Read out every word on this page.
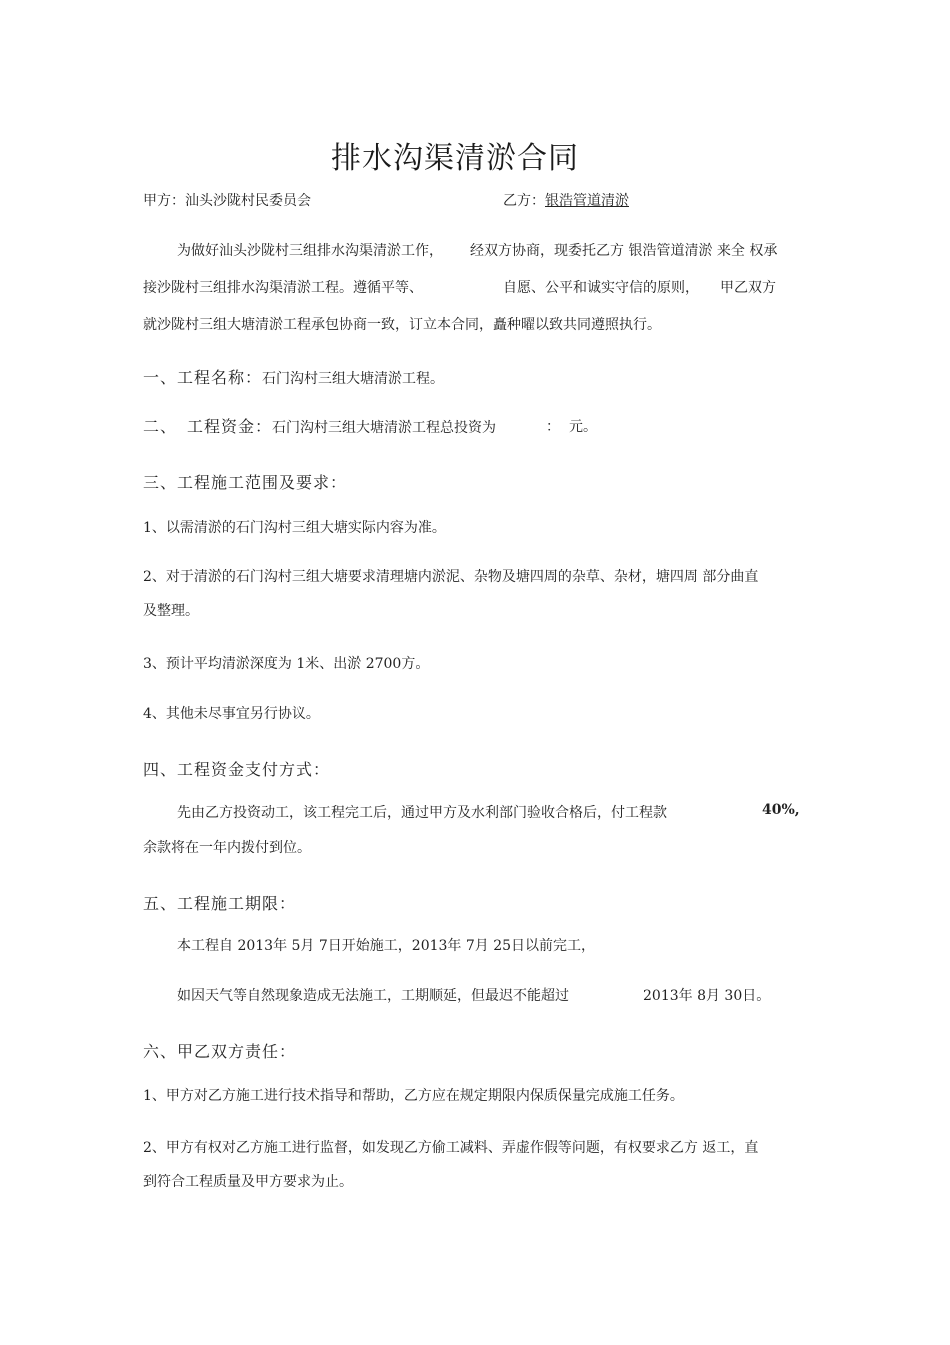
排水沟渠清淤合同
甲方：汕头沙陇村民委员会	乙方：银浩管道清淤
为做好汕头沙陇村三组排水沟渠清淤工作， 经双方协商，现委托乙方 银浩管道清淤 来全 权承
接沙陇村三组排水沟渠清淤工程。遵循平等、	自愿、公平和诚实守信的原则， 甲乙双方
就沙陇村三组大塘清淤工程承包协商一致，订立本合同，矗种曜以致共同遵照执行。
一、工程名称：石门沟村三组大塘清淤工程。
二、 工程资金：石门沟村三组大塘清淤工程总投资为	： 元。
三、工程施工范围及要求：
1、以需清淤的石门沟村三组大塘实际内容为准。
2、对于清淤的石门沟村三组大塘要求清理塘内淤泥、杂物及塘四周的杂草、杂材，塘四周 部分曲直
及整理。
3、预计平均清淤深度为 1米、出淤 2700方。
4、其他未尽事宜另行协议。
四、工程资金支付方式：
先由乙方投资动工，该工程完工后，通过甲方及水利部门验收合格后，付工程款	40%,
余款将在一年内拨付到位。
五、工程施工期限：
本工程自 2013年 5月 7日开始施工，2013年 7月 25日以前完工，
如因天气等自然现象造成无法施工，工期顺延，但最迟不能超过	2013年 8月 30日。
六、甲乙双方责任：
1、甲方对乙方施工进行技术指导和帮助，乙方应在规定期限内保质保量完成施工任务。
2、甲方有权对乙方施工进行监督，如发现乙方偷工减料、弄虚作假等问题，有权要求乙方 返工，直
到符合工程质量及甲方要求为止。
